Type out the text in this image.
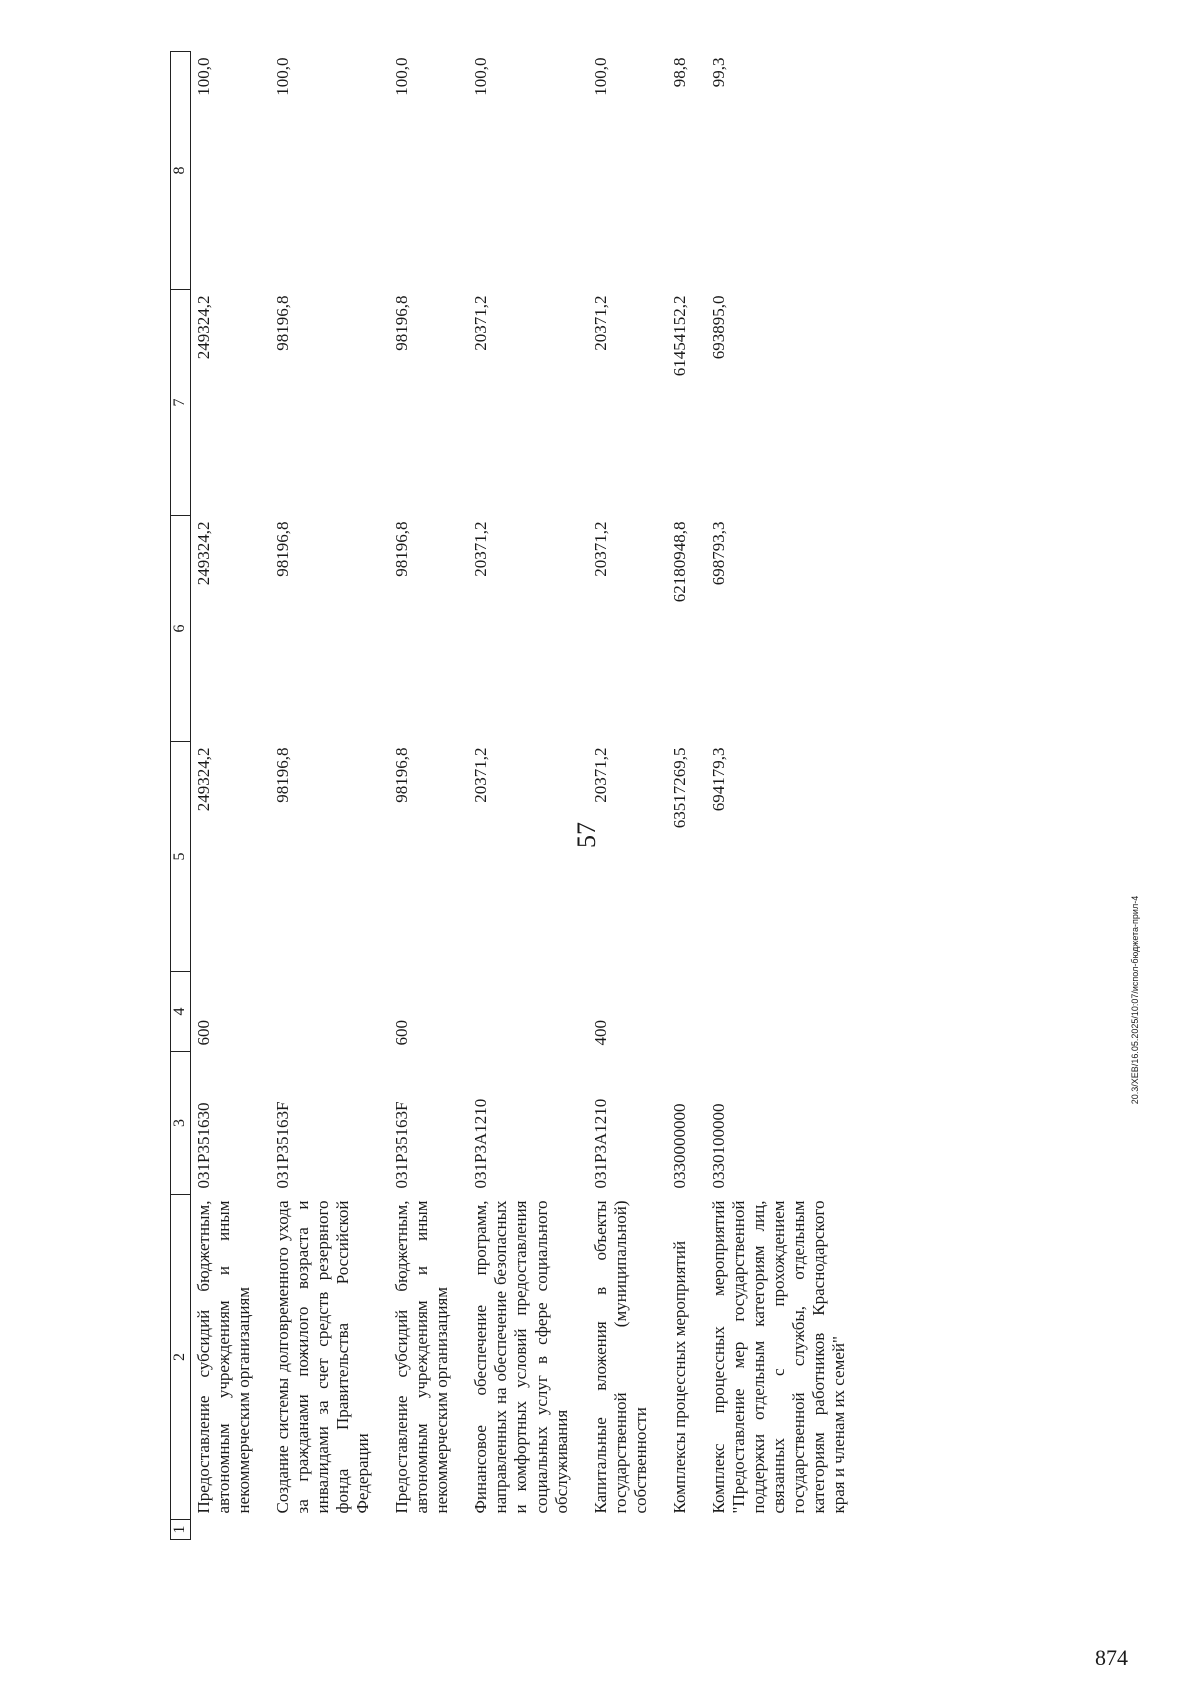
57
874
20.3/ХЕВ/16.05.2025/10:07/испол-бюджета-прил-4
1	2	3	4	5	6	7	8
	Предоставление субсидий бюджетным, автономным учреждениям и иным некоммерческим организациям	031Р351630	600	249324,2	249324,2	249324,2	100,0
	Создание системы долговременного ухода за гражданами пожилого возраста и инвалидами за счет средств резервного фонда Правительства Российской Федерации	031Р35163F		98196,8	98196,8	98196,8	100,0
	Предоставление субсидий бюджетным, автономным учреждениям и иным некоммерческим организациям	031Р35163F	600	98196,8	98196,8	98196,8	100,0
	Финансовое обеспечение программ, направленных на обеспечение безопасных и комфортных условий предоставления социальных услуг в сфере социального обслуживания	031Р3А1210		20371,2	20371,2	20371,2	100,0
	Капитальные вложения в объекты государственной (муниципальной) собственности	031Р3А1210	400	20371,2	20371,2	20371,2	100,0
	Комплексы процессных мероприятий	0330000000		63517269,5	62180948,8	61454152,2	98,8
	Комплекс процессных мероприятий "Предоставление мер государственной поддержки отдельным категориям лиц, связанных с прохождением государственной службы, отдельным категориям работников Краснодарского края и членам их семей"	0330100000		694179,3	698793,3	693895,0	99,3
